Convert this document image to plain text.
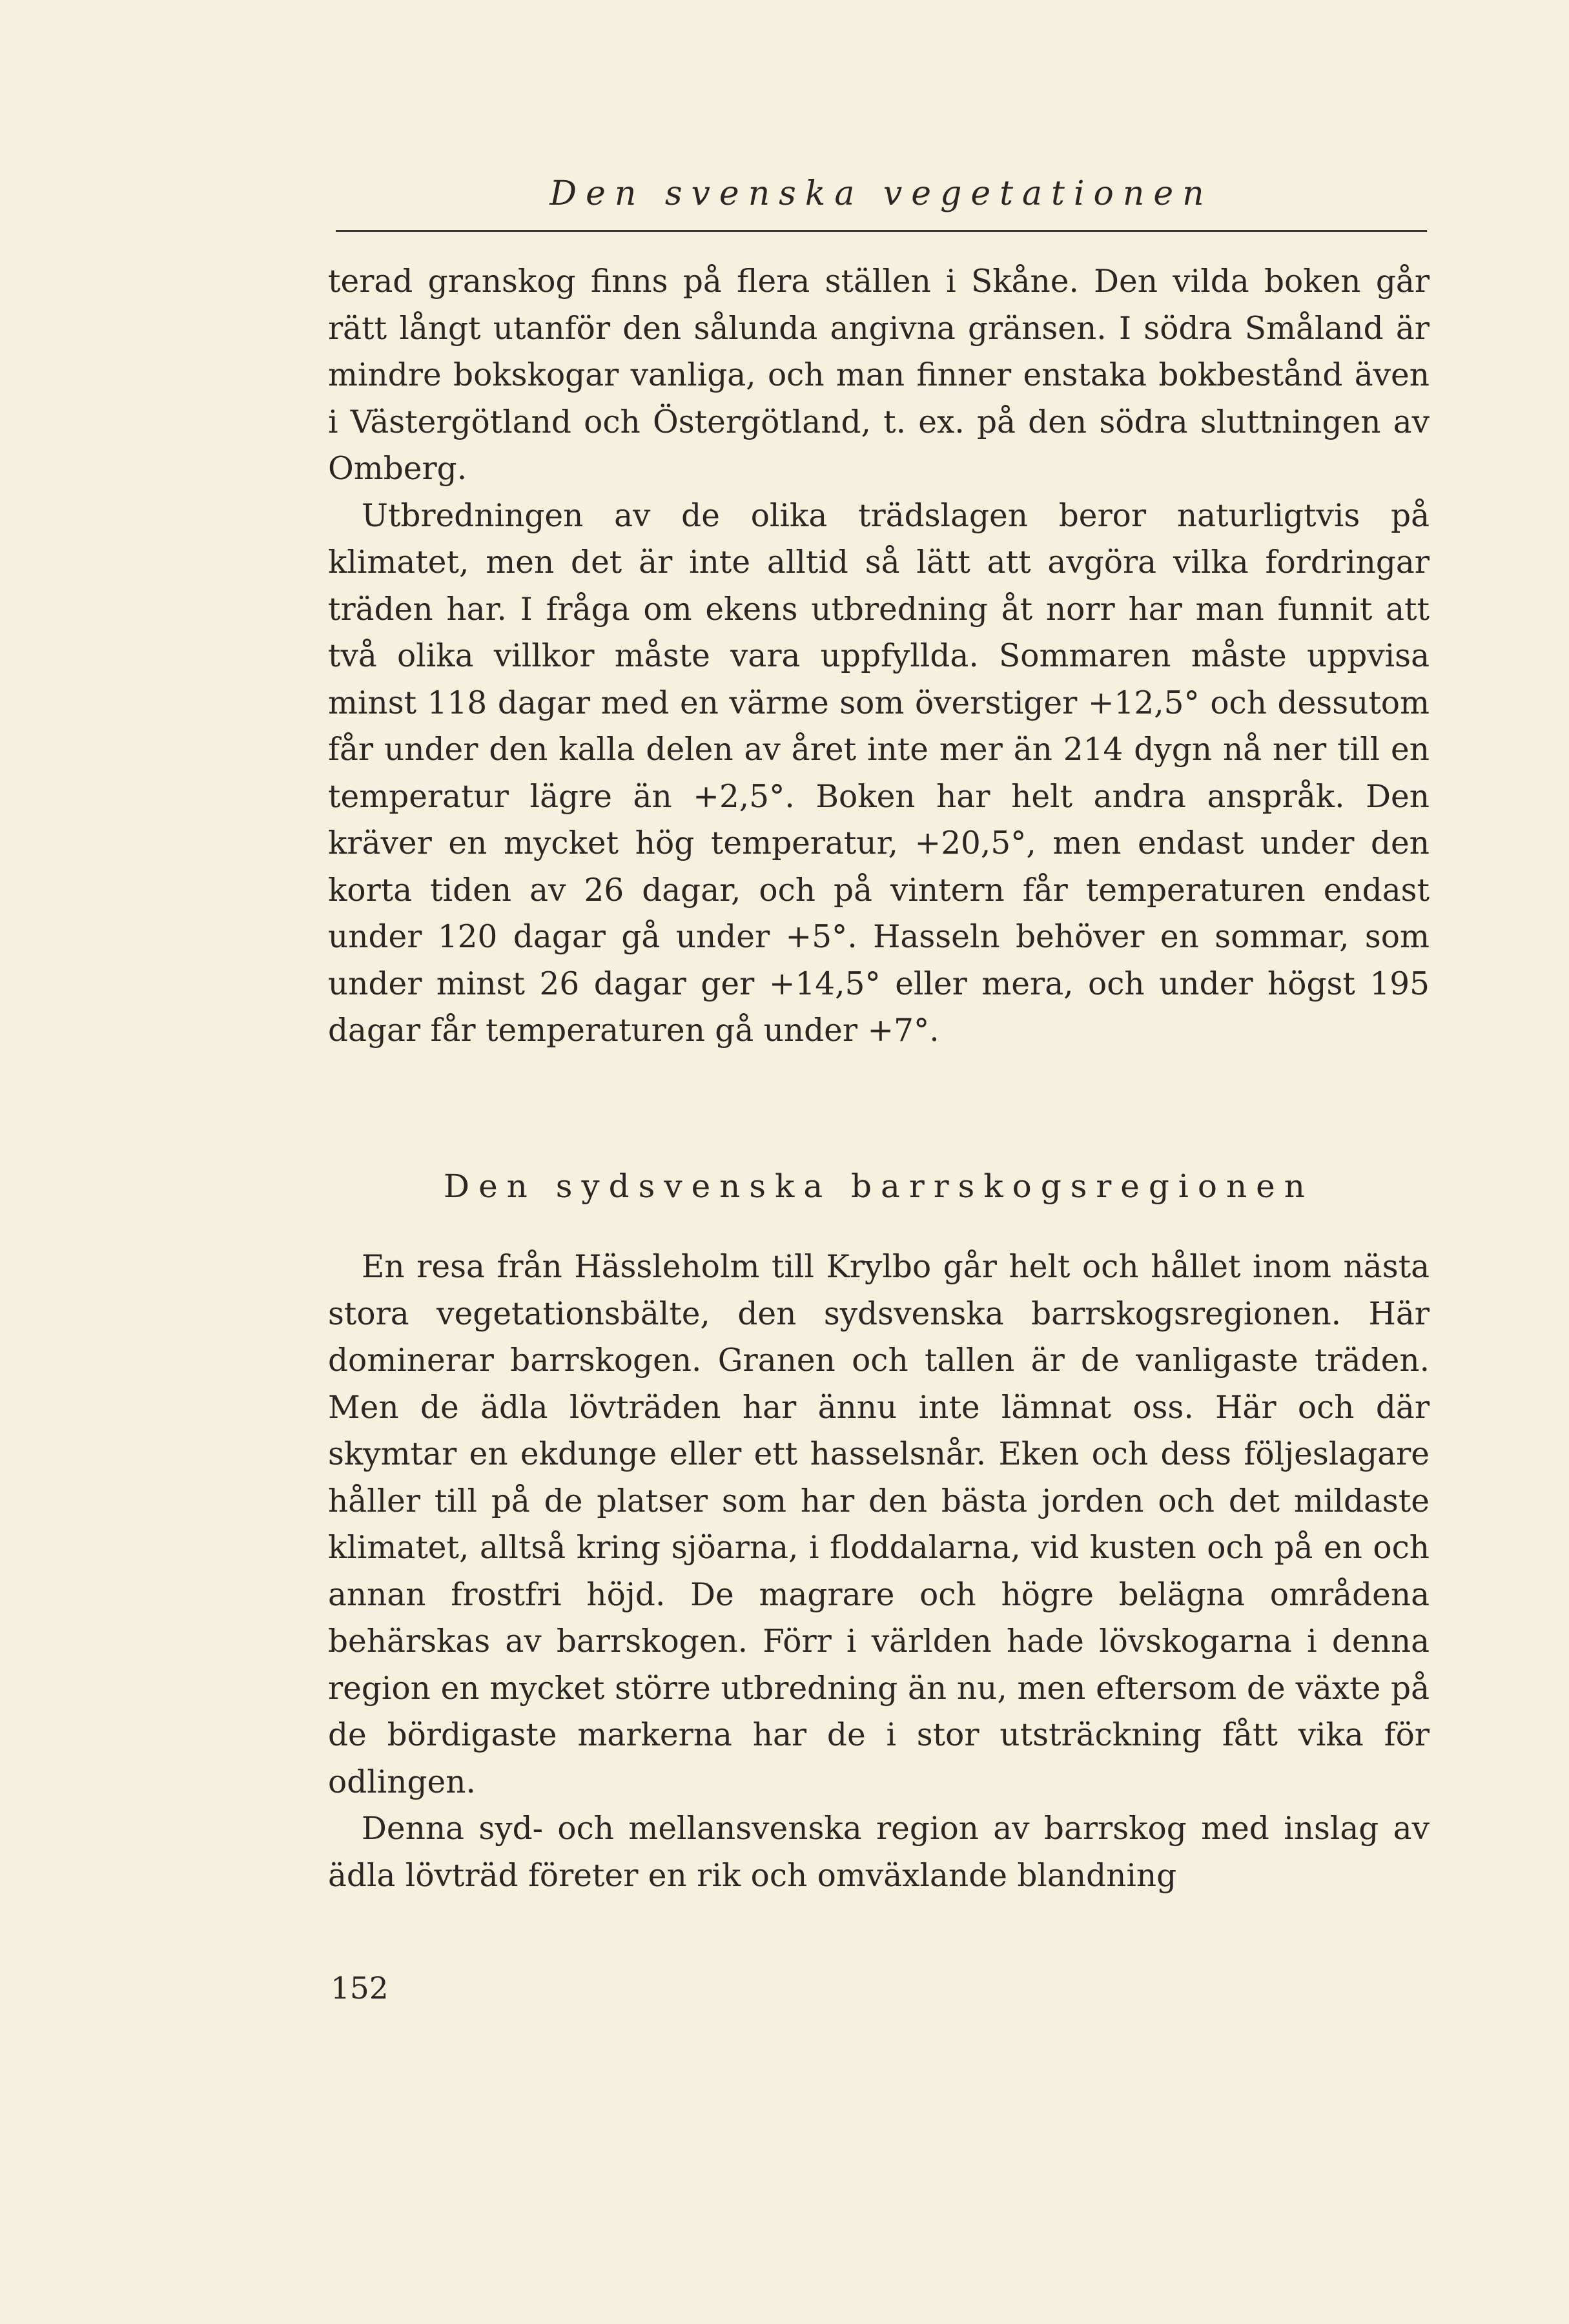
Den svenska vegetationen

terad granskog finns på flera ställen i Skåne. Den vilda boken går rätt långt utanför den sålunda angivna gränsen. I södra Småland är mindre bokskogar vanliga, och man finner enstaka bokbestånd även i Västergötland och Östergötland, t. ex. på den södra sluttningen av Omberg.

Utbredningen av de olika trädslagen beror naturligtvis på klimatet, men det är inte alltid så lätt att avgöra vilka fordringar träden har. I fråga om ekens utbredning åt norr har man funnit att två olika villkor måste vara uppfyllda. Sommaren måste uppvisa minst 118 dagar med en värme som överstiger +12,5° och dessutom får under den kalla delen av året inte mer än 214 dygn nå ner till en temperatur lägre än +2,5°. Boken har helt andra anspråk. Den kräver en mycket hög temperatur, +20,5°, men endast under den korta tiden av 26 dagar, och på vintern får temperaturen endast under 120 dagar gå under +5°. Hasseln behöver en sommar, som under minst 26 dagar ger +14,5° eller mera, och under högst 195 dagar får temperaturen gå under +7°.

Den sydsvenska barrskogsregionen

En resa från Hässleholm till Krylbo går helt och hållet inom nästa stora vegetationsbälte, den sydsvenska barrskogsregionen. Här dominerar barrskogen. Granen och tallen är de vanligaste träden. Men de ädla lövträden har ännu inte lämnat oss. Här och där skymtar en ekdunge eller ett hasselsnår. Eken och dess följeslagare håller till på de platser som har den bästa jorden och det mildaste klimatet, alltså kring sjöarna, i floddalarna, vid kusten och på en och annan frostfri höjd. De magrare och högre belägna områdena behärskas av barrskogen. Förr i världen hade lövskogarna i denna region en mycket större utbredning än nu, men eftersom de växte på de bördigaste markerna har de i stor utsträckning fått vika för odlingen.

Denna syd- och mellansvenska region av barrskog med inslag av ädla lövträd företer en rik och omväxlande blandning

152
